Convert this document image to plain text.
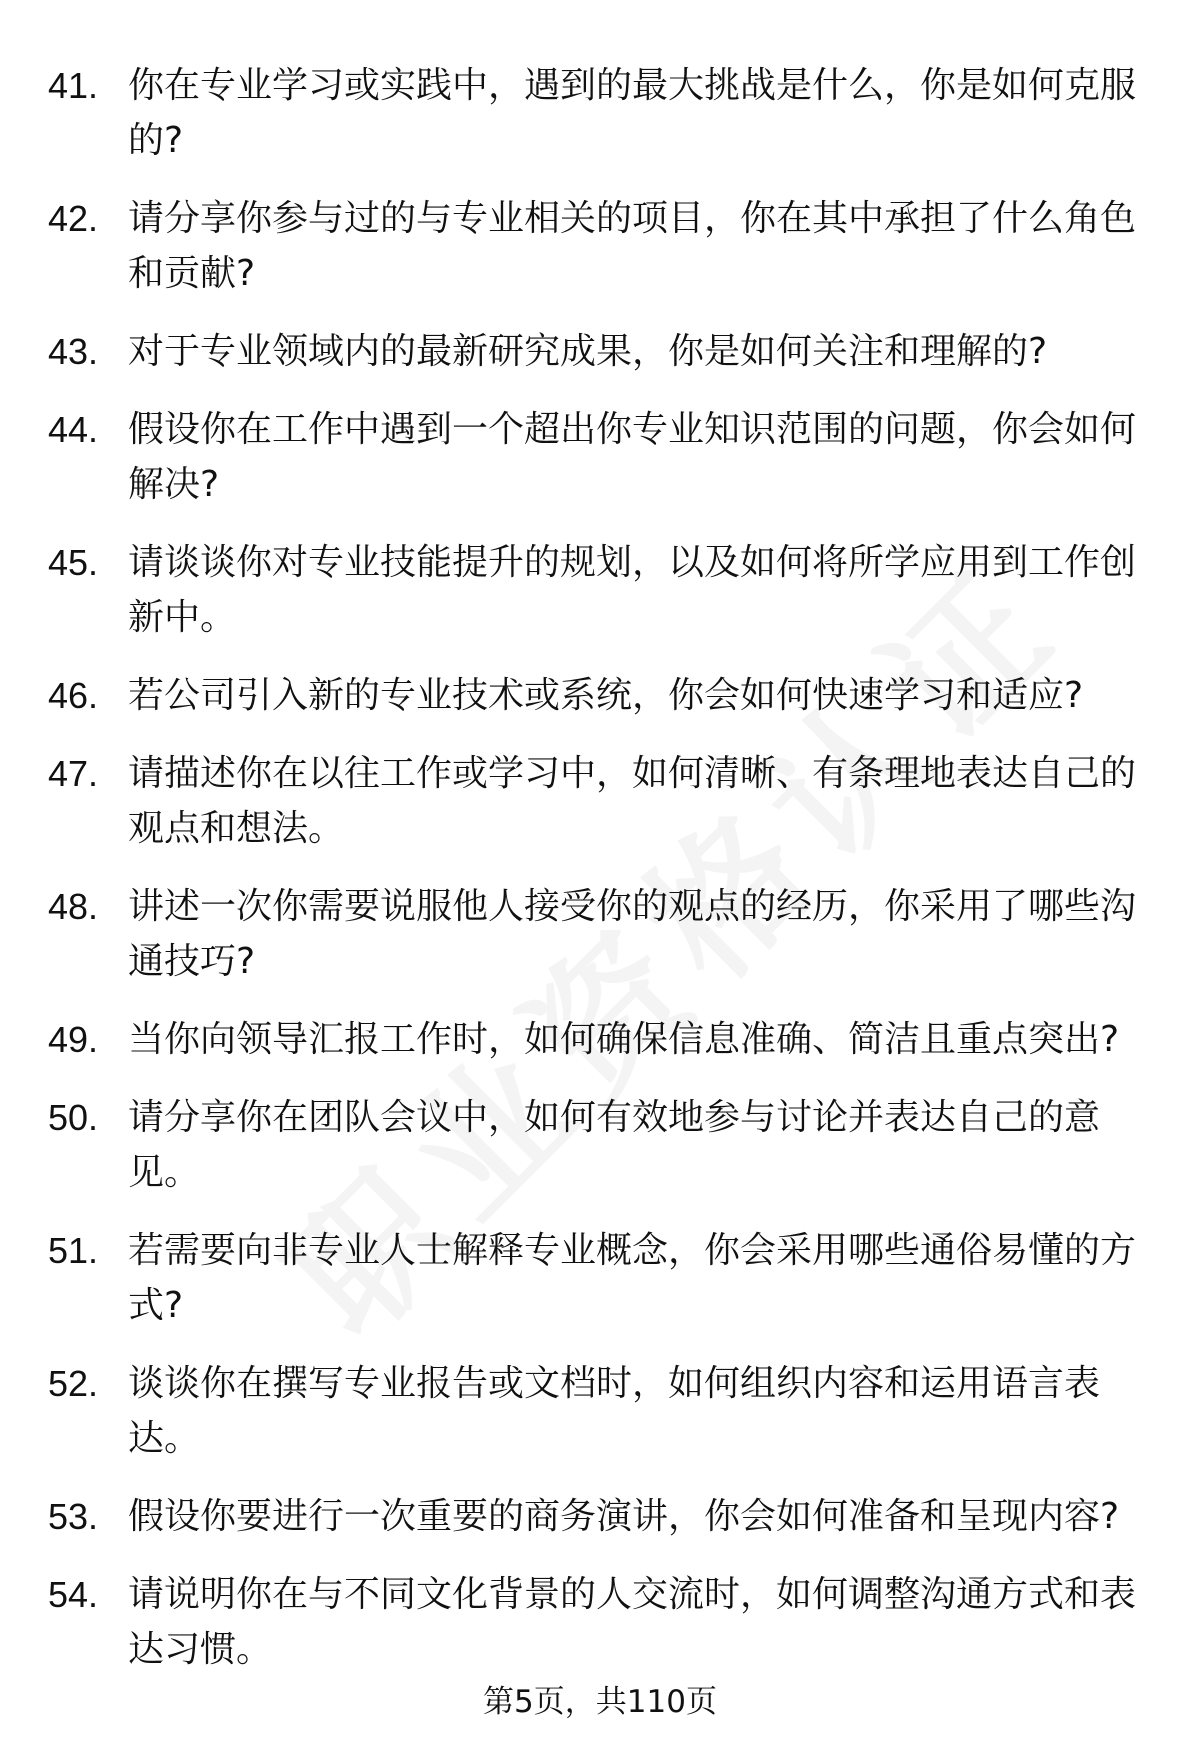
41. 你在专业学习或实践中，遇到的最大挑战是什么，你是如何克服的?
42. 请分享你参与过的与专业相关的项目，你在其中承担了什么角色和贡献?
43. 对于专业领域内的最新研究成果，你是如何关注和理解的?
44. 假设你在工作中遇到一个超出你专业知识范围的问题，你会如何解决?
45. 请谈谈你对专业技能提升的规划，以及如何将所学应用到工作创新中。
46. 若公司引入新的专业技术或系统，你会如何快速学习和适应?
47. 请描述你在以往工作或学习中，如何清晰、有条理地表达自己的观点和想法。
48. 讲述一次你需要说服他人接受你的观点的经历，你采用了哪些沟通技巧?
49. 当你向领导汇报工作时，如何确保信息准确、简洁且重点突出?
50. 请分享你在团队会议中，如何有效地参与讨论并表达自己的意见。
51. 若需要向非专业人士解释专业概念，你会采用哪些通俗易懂的方式?
52. 谈谈你在撰写专业报告或文档时，如何组织内容和运用语言表达。
53. 假设你要进行一次重要的商务演讲，你会如何准备和呈现内容?
54. 请说明你在与不同文化背景的人交流时，如何调整沟通方式和表达习惯。
第5页，共110页
